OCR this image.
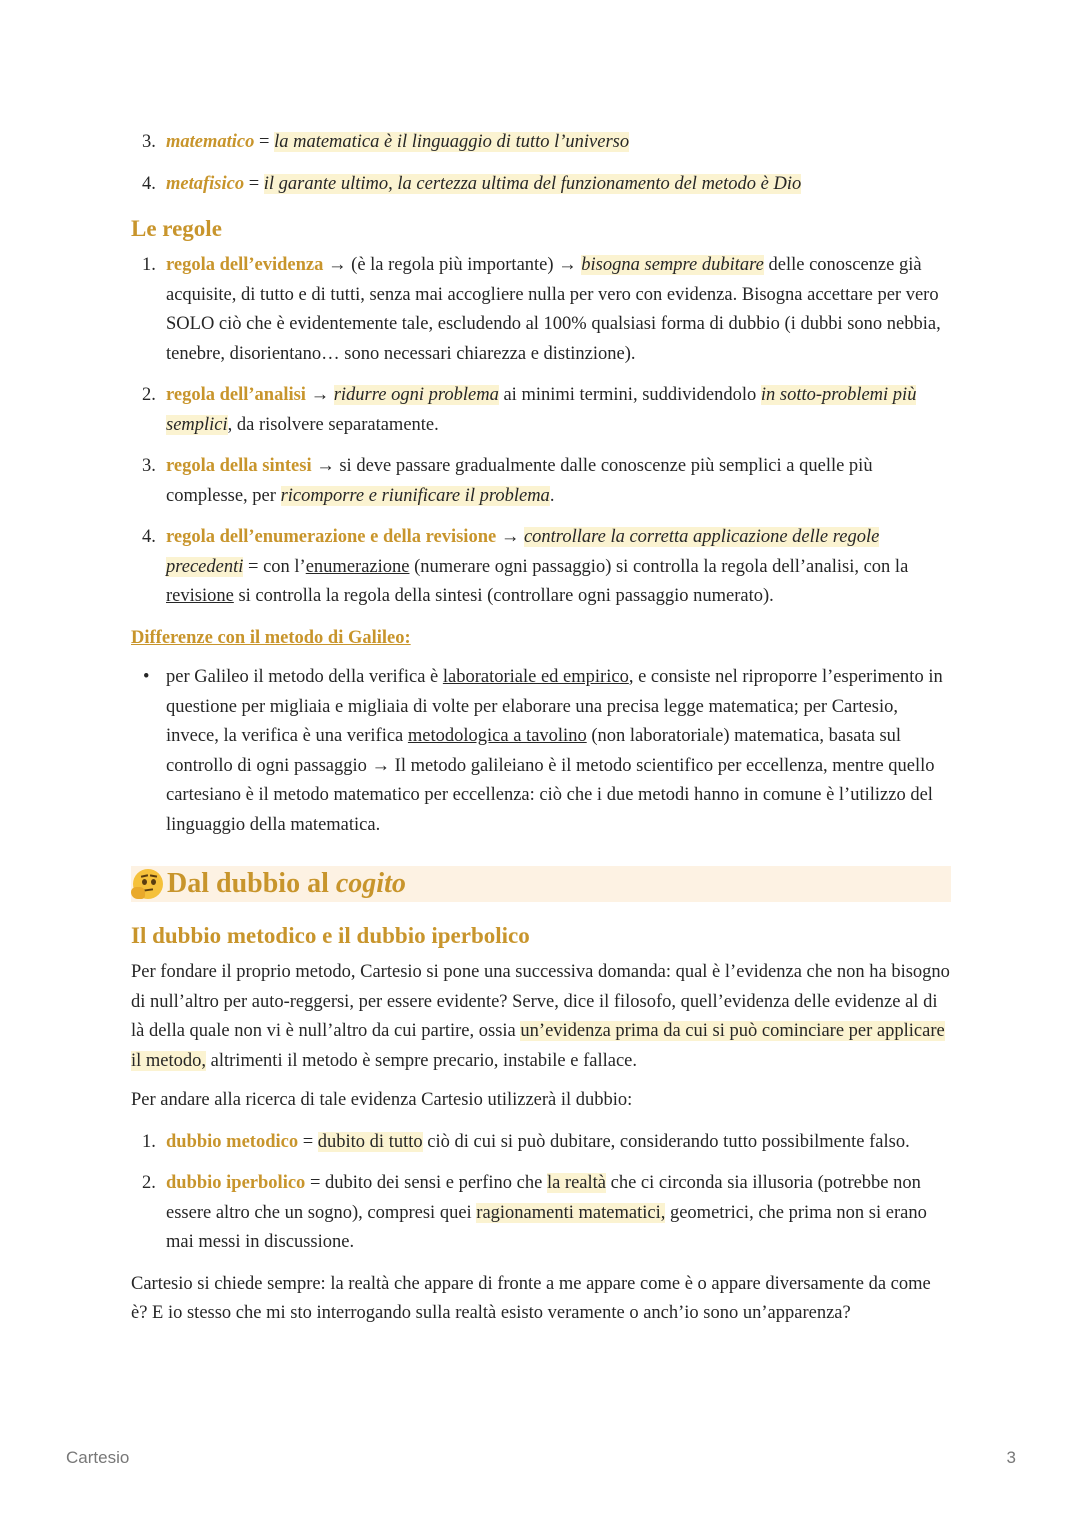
3. matematico = la matematica è il linguaggio di tutto l’universo
4. metafisico = il garante ultimo, la certezza ultima del funzionamento del metodo è Dio
Le regole
1. regola dell’evidenza → (è la regola più importante) → bisogna sempre dubitare delle conoscenze già acquisite, di tutto e di tutti, senza mai accogliere nulla per vero con evidenza. Bisogna accettare per vero SOLO ciò che è evidentemente tale, escludendo al 100% qualsiasi forma di dubbio (i dubbi sono nebbia, tenebre, disorientano… sono necessari chiarezza e distinzione).
2. regola dell’analisi → ridurre ogni problema ai minimi termini, suddividendolo in sotto-problemi più semplici, da risolvere separatamente.
3. regola della sintesi → si deve passare gradualmente dalle conoscenze più semplici a quelle più complesse, per ricomporre e riunificare il problema.
4. regola dell’enumerazione e della revisione → controllare la corretta applicazione delle regole precedenti = con l’enumerazione (numerare ogni passaggio) si controlla la regola dell’analisi, con la revisione si controlla la regola della sintesi (controllare ogni passaggio numerato).
Differenze con il metodo di Galileo:
• per Galileo il metodo della verifica è laboratoriale ed empirico, e consiste nel riproporre l’esperimento in questione per migliaia e migliaia di volte per elaborare una precisa legge matematica; per Cartesio, invece, la verifica è una verifica metodologica a tavolino (non laboratoriale) matematica, basata sul controllo di ogni passaggio → Il metodo galileiano è il metodo scientifico per eccellenza, mentre quello cartesiano è il metodo matematico per eccellenza: ciò che i due metodi hanno in comune è l’utilizzo del linguaggio della matematica.
Dal dubbio al cogito
Il dubbio metodico e il dubbio iperbolico

Per fondare il proprio metodo, Cartesio si pone una successiva domanda: qual è l’evidenza che non ha bisogno di null’altro per auto-reggersi, per essere evidente? Serve, dice il filosofo, quell’evidenza delle evidenze al di là della quale non vi è null’altro da cui partire, ossia un’evidenza prima da cui si può cominciare per applicare il metodo, altrimenti il metodo è sempre precario, instabile e fallace.

Per andare alla ricerca di tale evidenza Cartesio utilizzerà il dubbio:

1. dubbio metodico = dubito di tutto ciò di cui si può dubitare, considerando tutto possibilmente falso.
2. dubbio iperbolico = dubito dei sensi e perfino che la realtà che ci circonda sia illusoria (potrebbe non essere altro che un sogno), compresi quei ragionamenti matematici, geometrici, che prima non si erano mai messi in discussione.

Cartesio si chiede sempre: la realtà che appare di fronte a me appare come è o appare diversamente da come è? E io stesso che mi sto interrogando sulla realtà esisto veramente o anch’io sono un’apparenza?

Cartesio	3
